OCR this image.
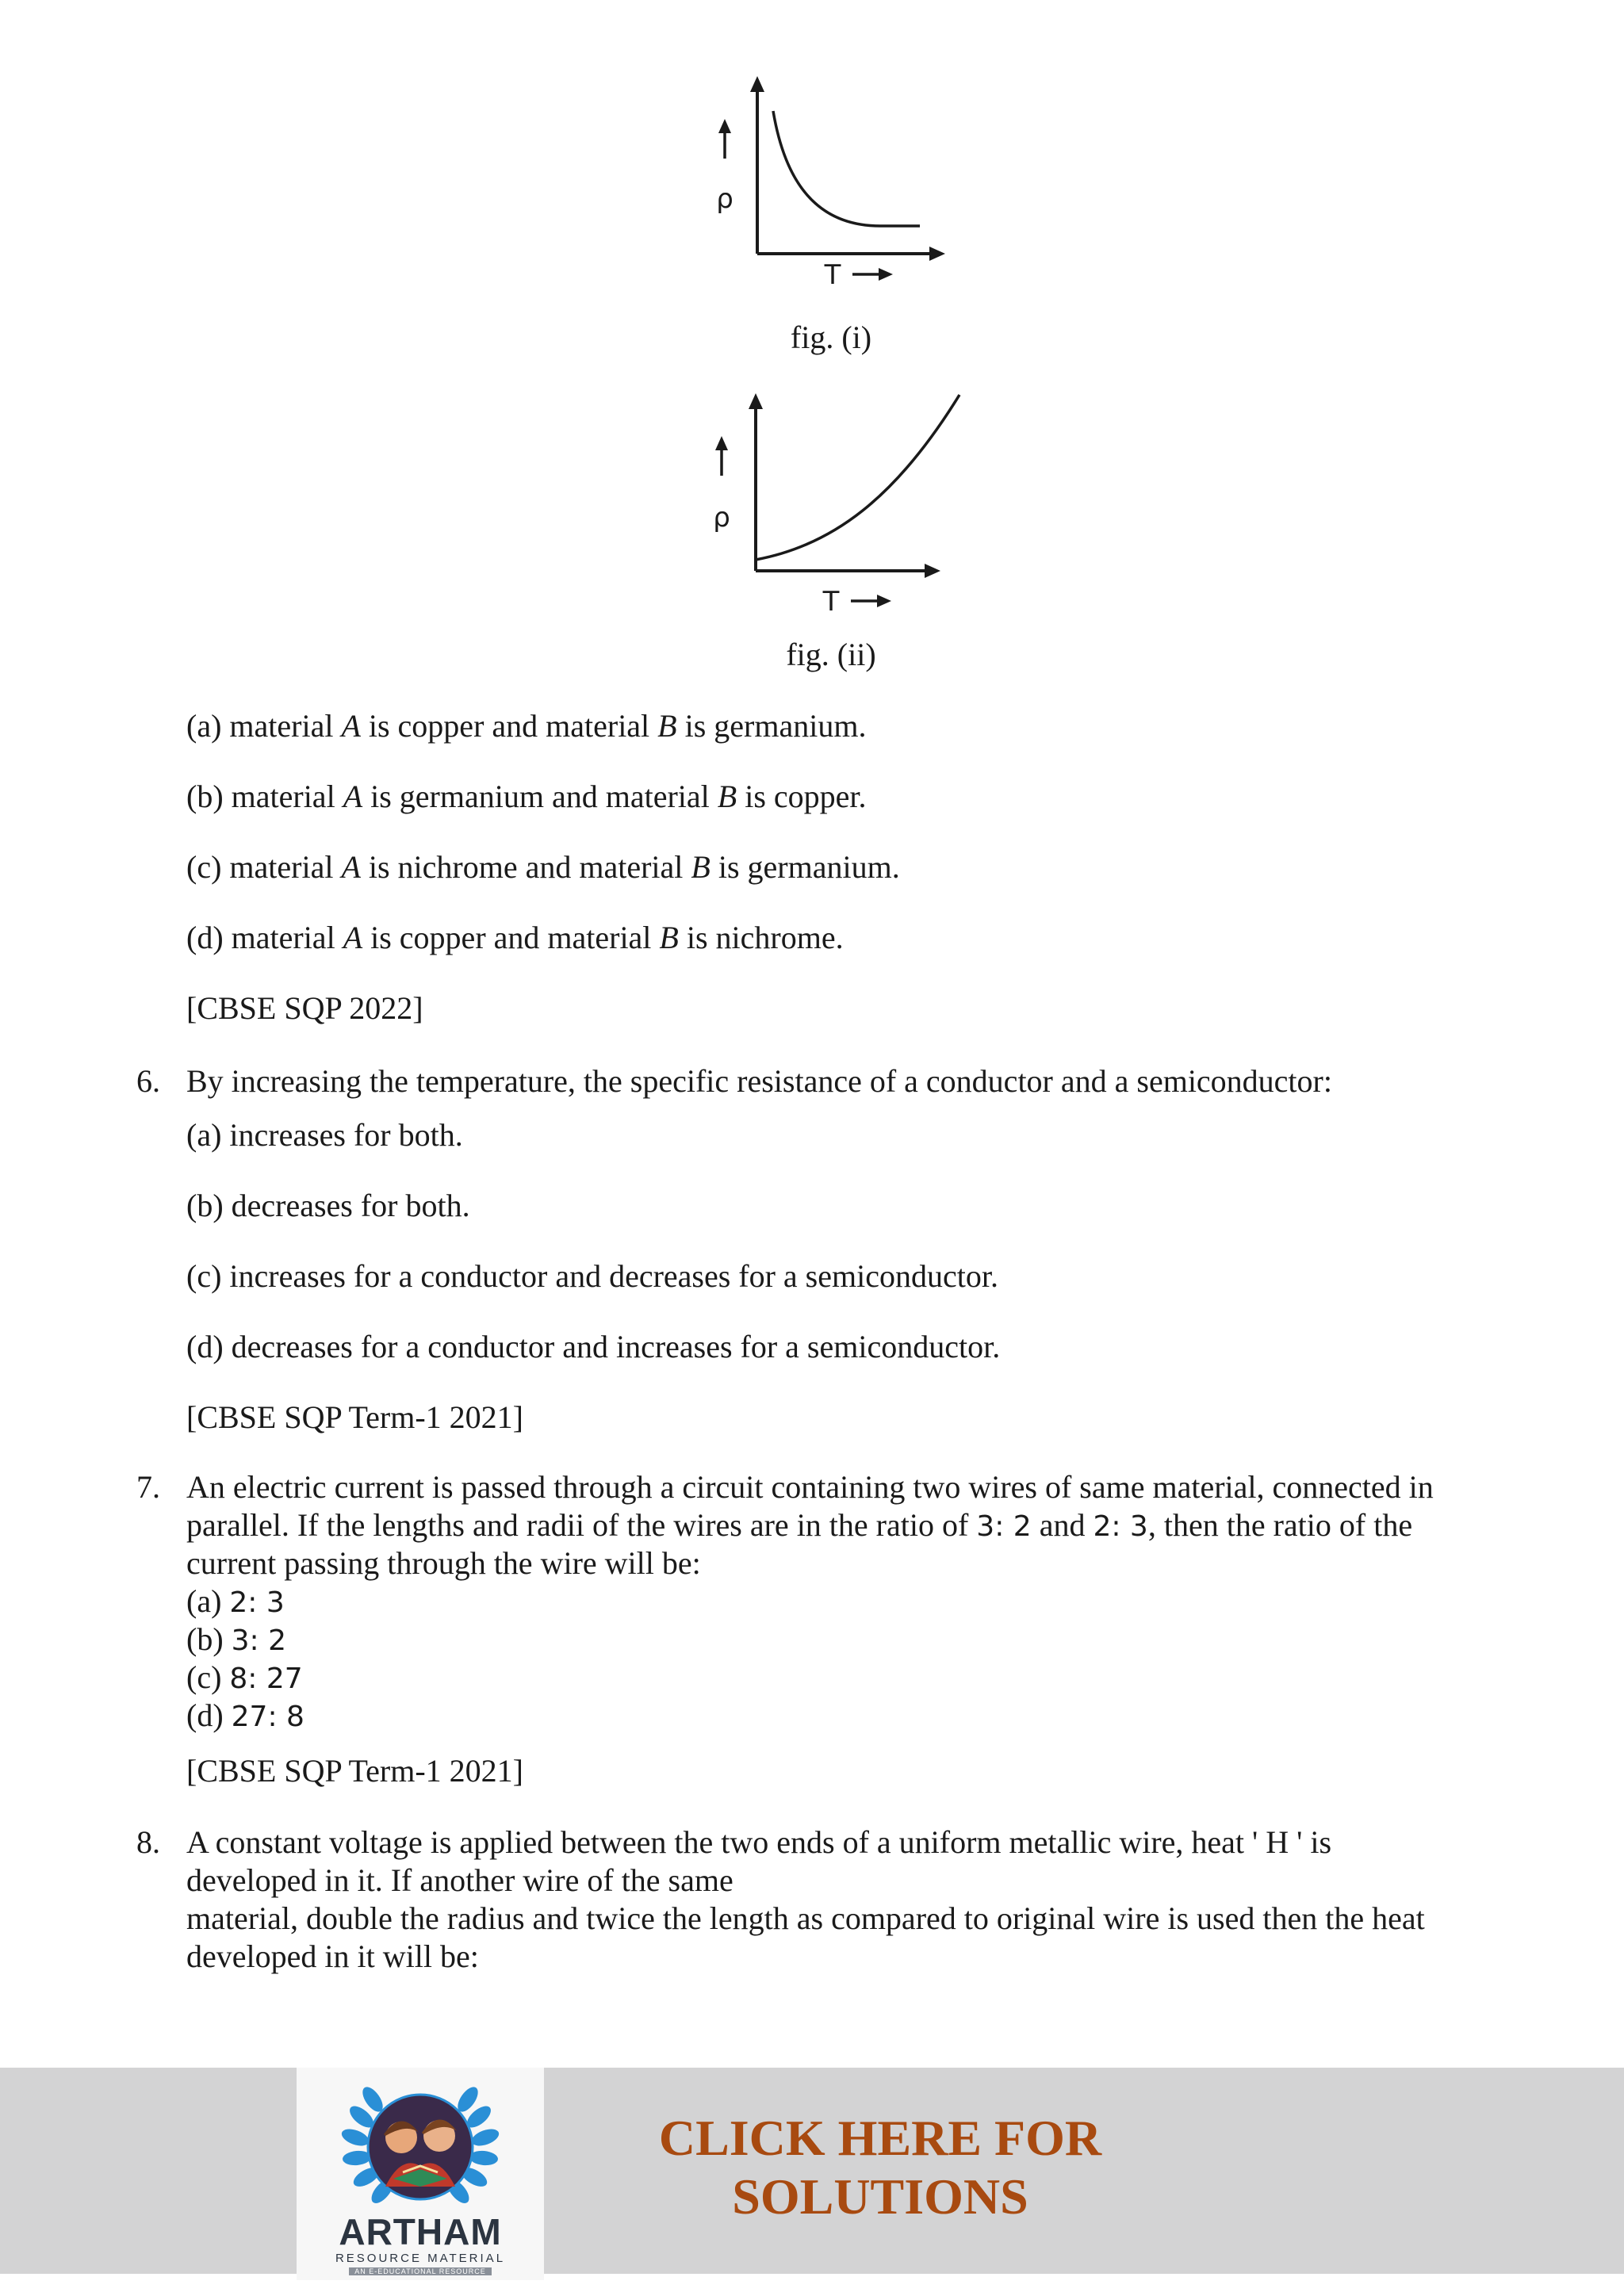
ρ
T
fig. (i)
ρ
T
fig. (ii)
(a) material A is copper and material B is germanium.
(b) material A is germanium and material B is copper.
(c) material A is nichrome and material B is germanium.
(d) material A is copper and material B is nichrome.
[CBSE SQP 2022]
6. By increasing the temperature, the specific resistance of a conductor and a semiconductor:
(a) increases for both.
(b) decreases for both.
(c) increases for a conductor and decreases for a semiconductor.
(d) decreases for a conductor and increases for a semiconductor.
[CBSE SQP Term-1 2021]
7. An electric current is passed through a circuit containing two wires of same material, connected in
parallel. If the lengths and radii of the wires are in the ratio of 3: 2 and 2: 3, then the ratio of the
current passing through the wire will be:
(a) 2: 3
(b) 3: 2
(c) 8: 27
(d) 27: 8
[CBSE SQP Term-1 2021]
8. A constant voltage is applied between the two ends of a uniform metallic wire, heat ' H ' is
developed in it. If another wire of the same
material, double the radius and twice the length as compared to original wire is used then the heat
developed in it will be:
ARTHAM
RESOURCE MATERIAL
AN E-EDUCATIONAL RESOURCE
CLICK HERE FOR
SOLUTIONS
